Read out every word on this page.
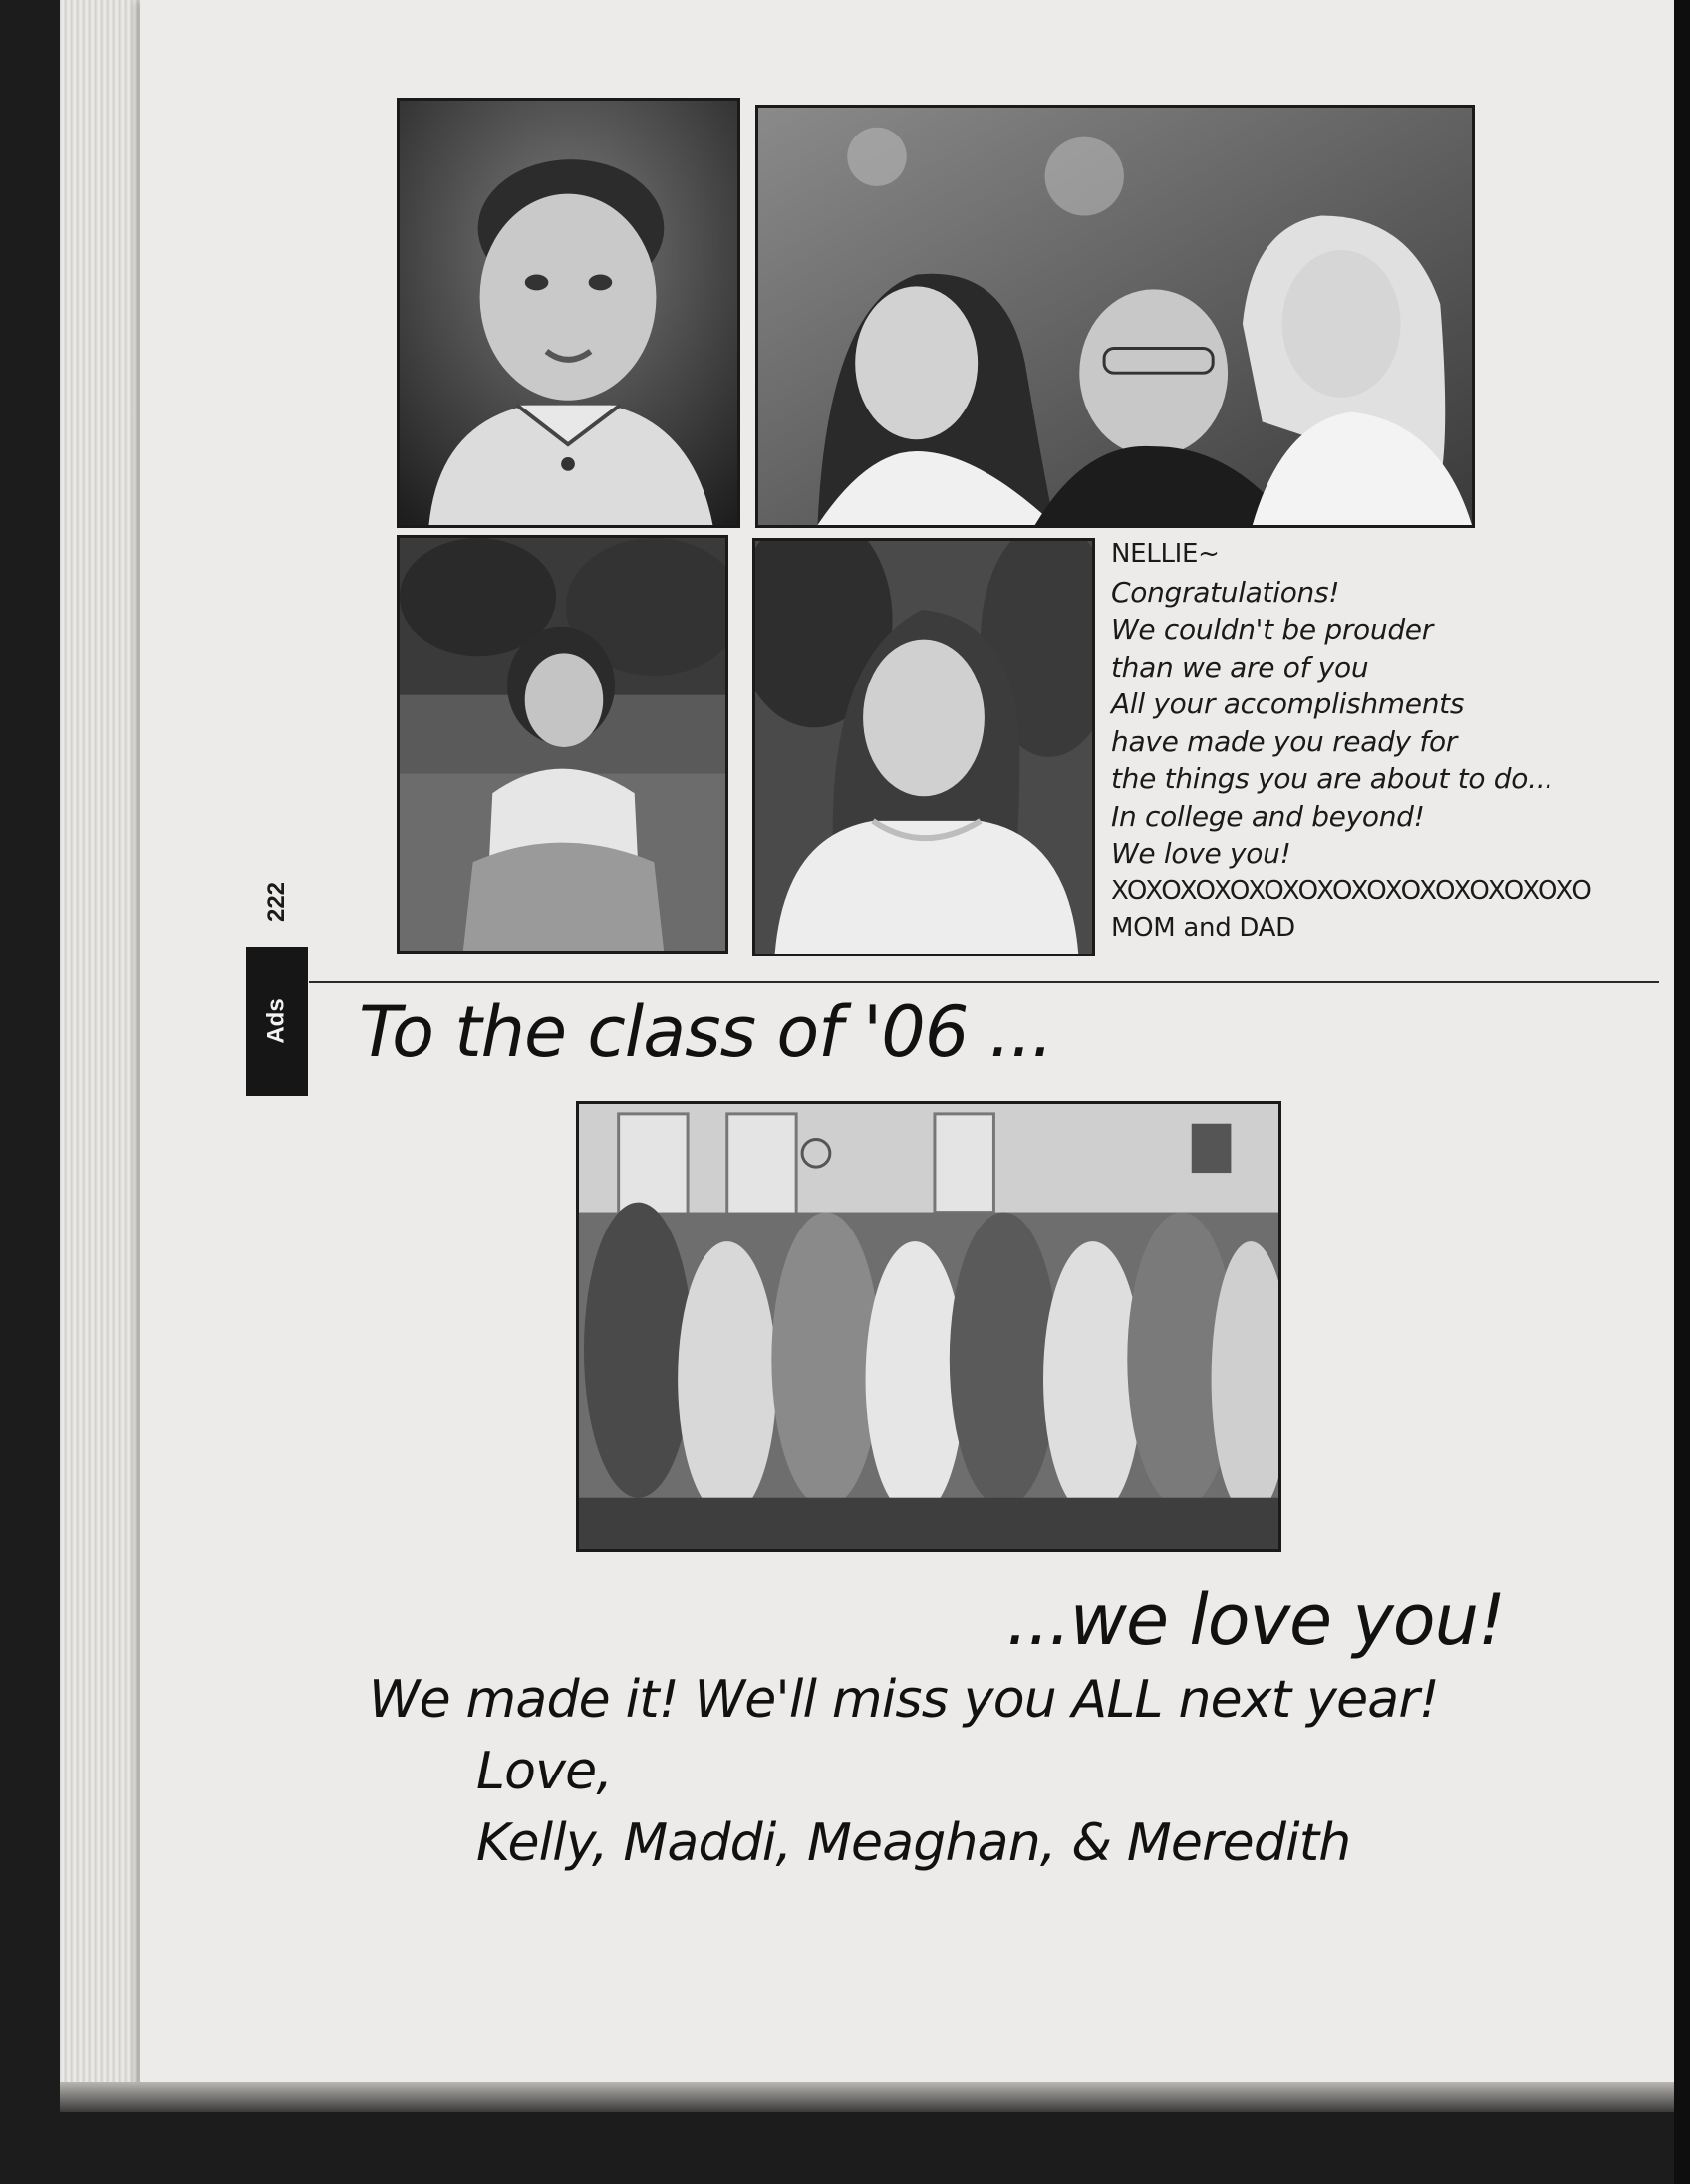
222
Ads
NELLIE~
Congratulations!
We couldn't be prouder
than we are of you
All your accomplishments
have made you ready for
the things you are about to do...
In college and beyond!
We love you!
XOXOXOXOXOXOXOXOXOXOXOXOXOXO
MOM and DAD
To the class of '06 ...
...we love you!
We made it! We'll miss you ALL next year!
Love,
Kelly, Maddi, Meaghan, & Meredith
